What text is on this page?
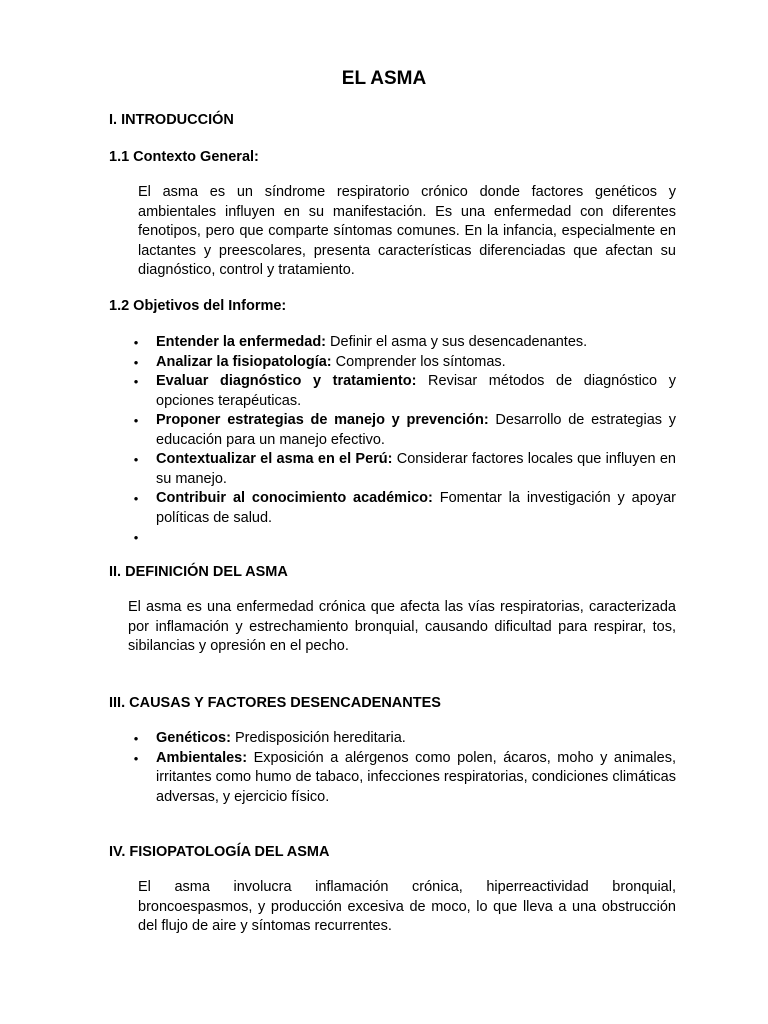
EL ASMA
I. INTRODUCCIÓN
1.1 Contexto General:

El asma es un síndrome respiratorio crónico donde factores genéticos y ambientales influyen en su manifestación. Es una enfermedad con diferentes fenotipos, pero que comparte síntomas comunes. En la infancia, especialmente en lactantes y preescolares, presenta características diferenciadas que afectan su diagnóstico, control y tratamiento.

1.2 Objetivos del Informe:
• Entender la enfermedad: Definir el asma y sus desencadenantes.
• Analizar la fisiopatología: Comprender los síntomas.
• Evaluar diagnóstico y tratamiento: Revisar métodos de diagnóstico y opciones terapéuticas.
• Proponer estrategias de manejo y prevención: Desarrollo de estrategias y educación para un manejo efectivo.
• Contextualizar el asma en el Perú: Considerar factores locales que influyen en su manejo.
• Contribuir al conocimiento académico: Fomentar la investigación y apoyar políticas de salud.
•
II. DEFINICIÓN DEL ASMA

El asma es una enfermedad crónica que afecta las vías respiratorias, caracterizada por inflamación y estrechamiento bronquial, causando dificultad para respirar, tos, sibilancias y opresión en el pecho.

III. CAUSAS Y FACTORES DESENCADENANTES
• Genéticos: Predisposición hereditaria.
• Ambientales: Exposición a alérgenos como polen, ácaros, moho y animales, irritantes como humo de tabaco, infecciones respiratorias, condiciones climáticas adversas, y ejercicio físico.
IV. FISIOPATOLOGÍA DEL ASMA

El asma involucra inflamación crónica, hiperreactividad bronquial, broncoespasmos, y producción excesiva de moco, lo que lleva a una obstrucción del flujo de aire y síntomas recurrentes.
